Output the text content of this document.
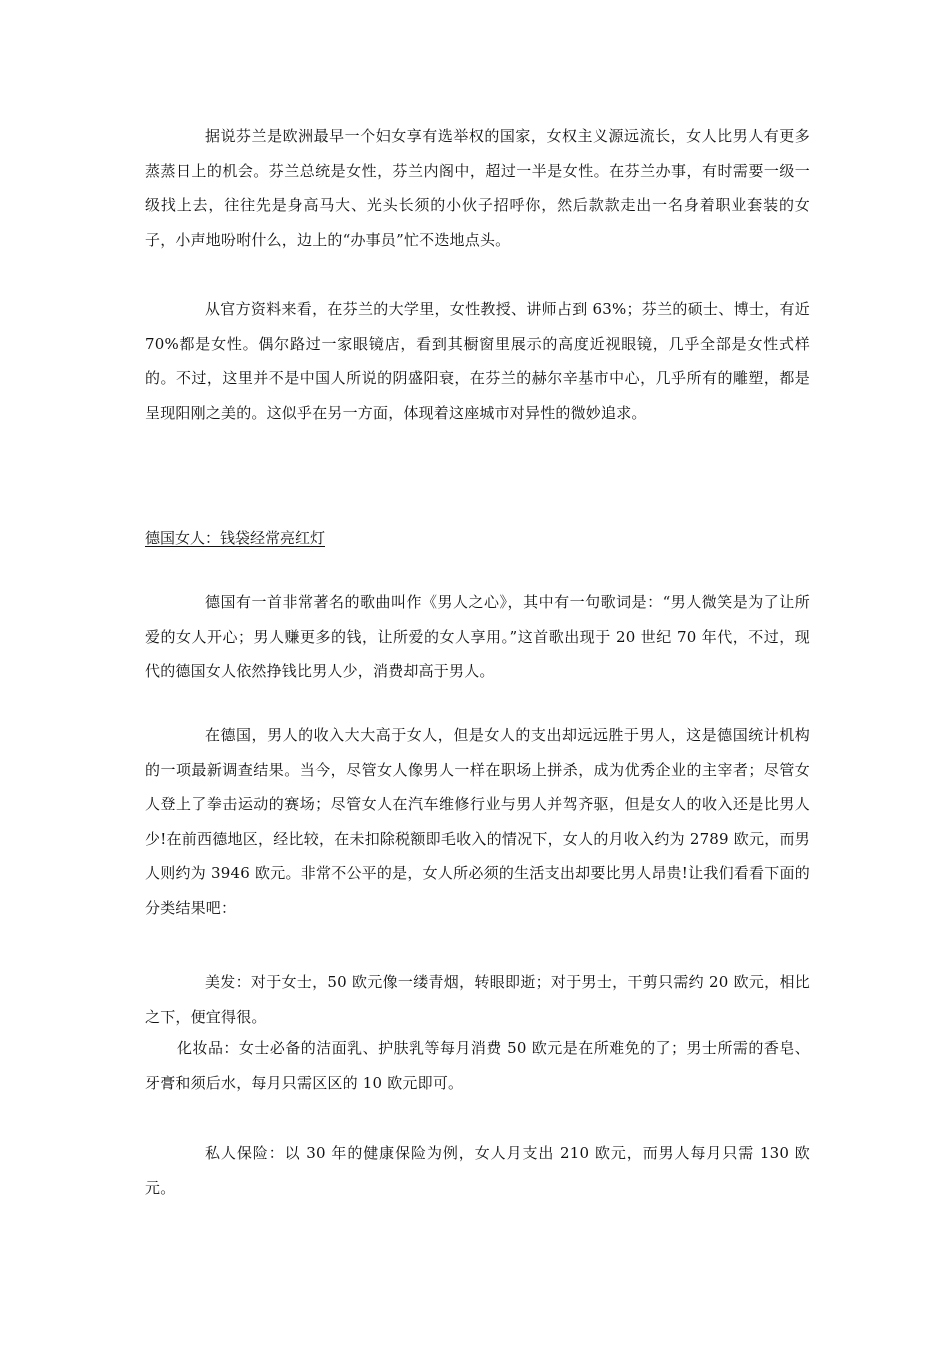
据说芬兰是欧洲最早一个妇女享有选举权的国家，女权主义源远流长，女人比男人有更多蒸蒸日上的机会。芬兰总统是女性，芬兰内阁中，超过一半是女性。在芬兰办事，有时需要一级一级找上去，往往先是身高马大、光头长须的小伙子招呼你，然后款款走出一名身着职业套装的女子，小声地吩咐什么，边上的“办事员”忙不迭地点头。

从官方资料来看，在芬兰的大学里，女性教授、讲师占到 63%；芬兰的硕士、博士，有近 70%都是女性。偶尔路过一家眼镜店，看到其橱窗里展示的高度近视眼镜，几乎全部是女性式样的。不过，这里并不是中国人所说的阴盛阳衰，在芬兰的赫尔辛基市中心，几乎所有的雕塑，都是呈现阳刚之美的。这似乎在另一方面，体现着这座城市对异性的微妙追求。

德国女人：钱袋经常亮红灯

德国有一首非常著名的歌曲叫作《男人之心》，其中有一句歌词是：“男人微笑是为了让所爱的女人开心；男人赚更多的钱，让所爱的女人享用。”这首歌出现于 20 世纪 70 年代，不过，现代的德国女人依然挣钱比男人少，消费却高于男人。

在德国，男人的收入大大高于女人，但是女人的支出却远远胜于男人，这是德国统计机构的一项最新调查结果。当今，尽管女人像男人一样在职场上拼杀，成为优秀企业的主宰者；尽管女人登上了拳击运动的赛场；尽管女人在汽车维修行业与男人并驾齐驱，但是女人的收入还是比男人少!在前西德地区，经比较，在未扣除税额即毛收入的情况下，女人的月收入约为 2789 欧元，而男人则约为 3946 欧元。非常不公平的是，女人所必须的生活支出却要比男人昂贵!让我们看看下面的分类结果吧：

美发：对于女士，50 欧元像一缕青烟，转眼即逝；对于男士，干剪只需约 20 欧元，相比之下，便宜得很。

化妆品：女士必备的洁面乳、护肤乳等每月消费 50 欧元是在所难免的了；男士所需的香皂、牙膏和须后水，每月只需区区的 10 欧元即可。

私人保险：以 30 年的健康保险为例，女人月支出 210 欧元，而男人每月只需 130 欧元。
